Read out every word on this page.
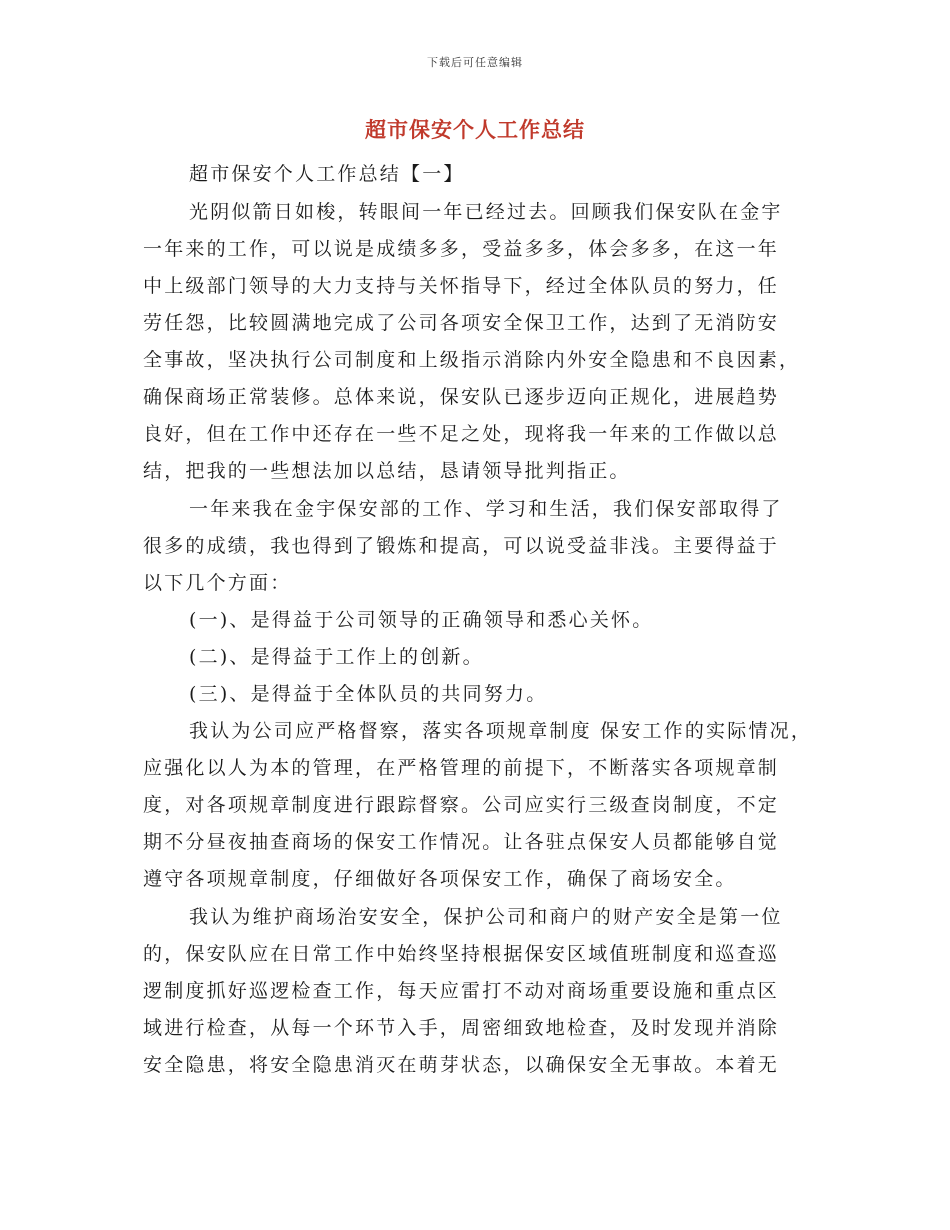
下载后可任意编辑
超市保安个人工作总结
超市保安个人工作总结【一】
光阴似箭日如梭，转眼间一年已经过去。回顾我们保安队在金宇
一年来的工作，可以说是成绩多多，受益多多，体会多多，在这一年
中上级部门领导的大力支持与关怀指导下，经过全体队员的努力，任
劳任怨，比较圆满地完成了公司各项安全保卫工作，达到了无消防安
全事故，坚决执行公司制度和上级指示消除内外安全隐患和不良因素，
确保商场正常装修。总体来说，保安队已逐步迈向正规化，进展趋势
良好，但在工作中还存在一些不足之处，现将我一年来的工作做以总
结，把我的一些想法加以总结，恳请领导批判指正。
一年来我在金宇保安部的工作、学习和生活，我们保安部取得了
很多的成绩，我也得到了锻炼和提高，可以说受益非浅。主要得益于
以下几个方面：
(一)、是得益于公司领导的正确领导和悉心关怀。
(二)、是得益于工作上的创新。
(三)、是得益于全体队员的共同努力。
我认为公司应严格督察，落实各项规章制度 保安工作的实际情况，
应强化以人为本的管理，在严格管理的前提下，不断落实各项规章制
度，对各项规章制度进行跟踪督察。公司应实行三级查岗制度，不定
期不分昼夜抽查商场的保安工作情况。让各驻点保安人员都能够自觉
遵守各项规章制度，仔细做好各项保安工作，确保了商场安全。
我认为维护商场治安安全，保护公司和商户的财产安全是第一位
的，保安队应在日常工作中始终坚持根据保安区域值班制度和巡查巡
逻制度抓好巡逻检查工作，每天应雷打不动对商场重要设施和重点区
域进行检查，从每一个环节入手，周密细致地检查，及时发现并消除
安全隐患，将安全隐患消灭在萌芽状态，以确保安全无事故。本着无
